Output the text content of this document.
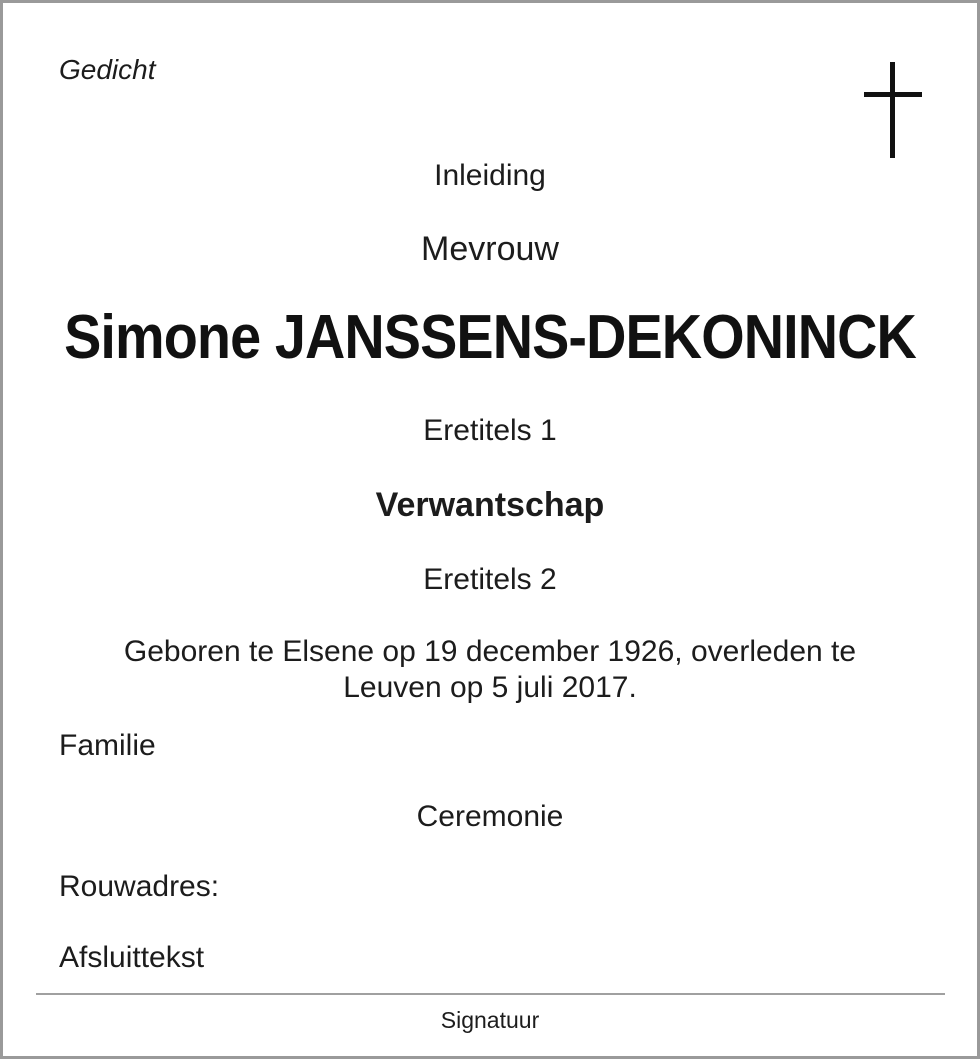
Gedicht
Inleiding
Mevrouw
Simone JANSSENS-DEKONINCK
Eretitels 1
Verwantschap
Eretitels 2
Geboren te Elsene op 19 december 1926, overleden te Leuven op 5 juli 2017.
Familie
Ceremonie
Rouwadres:
Afsluittekst
Signatuur
